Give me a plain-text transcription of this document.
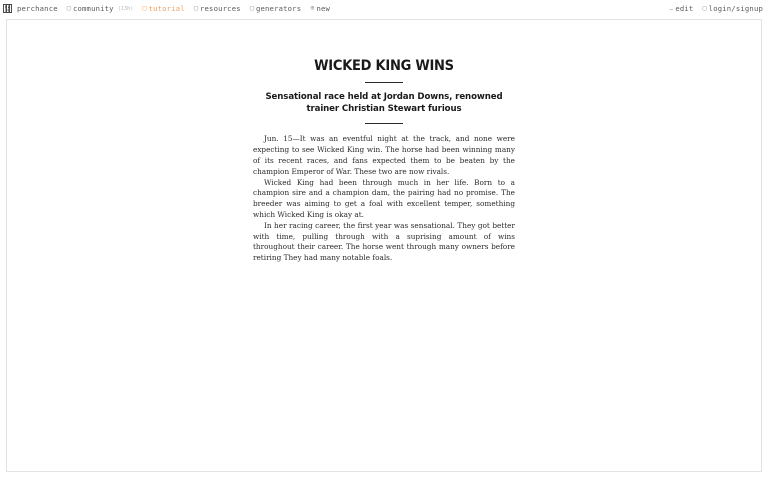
perchance ▢ community (13h) ▢ tutorial ▢ resources ▢ generators ⊕ new	⚊ edit ▢ login/signup
WICKED KING WINS
Sensational race held at Jordan Downs, renowned trainer Christian Stewart furious

Jun. 15—It was an eventful night at the track, and none were expecting to see Wicked King win. The horse had been winning many of its recent races, and fans expected them to be beaten by the champion Emperor of War. These two are now rivals.

Wicked King had been through much in her life. Born to a champion sire and a champion dam, the pairing had no promise. The breeder was aiming to get a foal with excellent temper, something which Wicked King is okay at.

In her racing career, the first year was sensational. They got better with time, pulling through with a suprising amount of wins throughout their career. The horse went through many owners before retiring They had many notable foals.
